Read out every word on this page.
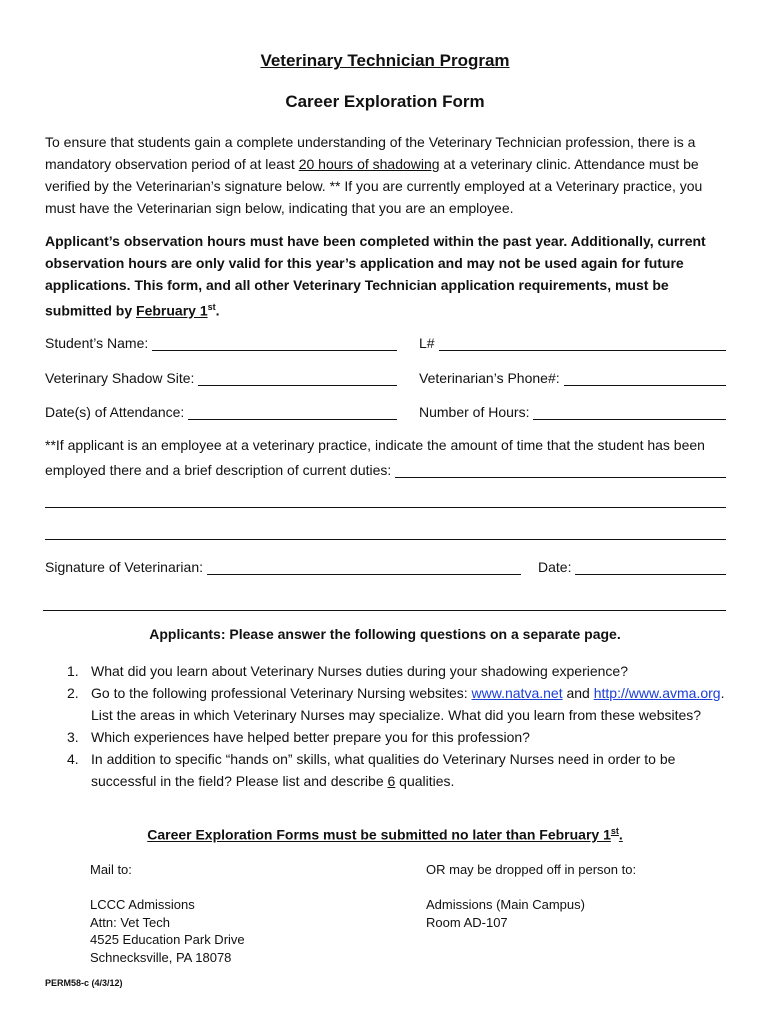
Veterinary Technician Program
Career Exploration Form
To ensure that students gain a complete understanding of the Veterinary Technician profession, there is a mandatory observation period of at least 20 hours of shadowing at a veterinary clinic. Attendance must be verified by the Veterinarian’s signature below. ** If you are currently employed at a Veterinary practice, you must have the Veterinarian sign below, indicating that you are an employee.
Applicant’s observation hours must have been completed within the past year. Additionally, current observation hours are only valid for this year’s application and may not be used again for future applications. This form, and all other Veterinary Technician application requirements, must be submitted by February 1st.
Student’s Name:	L#
Veterinary Shadow Site:	Veterinarian’s Phone#:
Date(s) of Attendance:	Number of Hours:
**If applicant is an employee at a veterinary practice, indicate the amount of time that the student has been
employed there and a brief description of current duties:
Signature of Veterinarian:	Date:
Applicants: Please answer the following questions on a separate page.
1. What did you learn about Veterinary Nurses duties during your shadowing experience?
2. Go to the following professional Veterinary Nursing websites: www.natva.net and http://www.avma.org. List the areas in which Veterinary Nurses may specialize. What did you learn from these websites?
3. Which experiences have helped better prepare you for this profession?
4. In addition to specific “hands on” skills, what qualities do Veterinary Nurses need in order to be successful in the field? Please list and describe 6 qualities.
Career Exploration Forms must be submitted no later than February 1st.
Mail to:	OR may be dropped off in person to:
LCCC Admissions
Attn: Vet Tech
4525 Education Park Drive
Schnecksville, PA 18078
Admissions (Main Campus)
Room AD-107
PERM58-c (4/3/12)
